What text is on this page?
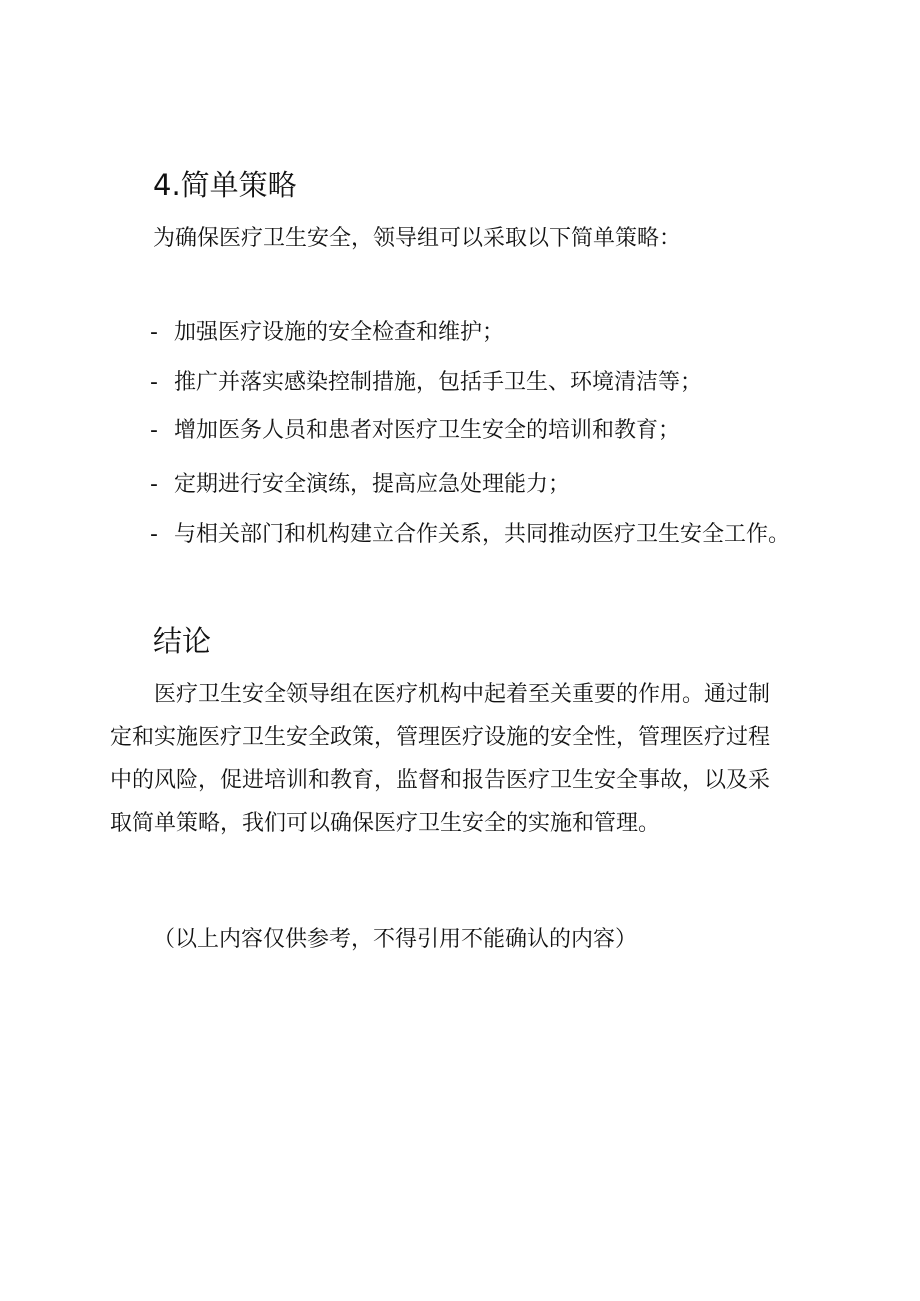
4.简单策略

为确保医疗卫生安全，领导组可以采取以下简单策略：

- 加强医疗设施的安全检查和维护；
- 推广并落实感染控制措施，包括手卫生、环境清洁等；
- 增加医务人员和患者对医疗卫生安全的培训和教育；
- 定期进行安全演练，提高应急处理能力；
- 与相关部门和机构建立合作关系，共同推动医疗卫生安全工作。
结论
医疗卫生安全领导组在医疗机构中起着至关重要的作用。通过制
定和实施医疗卫生安全政策，管理医疗设施的安全性，管理医疗过程
中的风险，促进培训和教育，监督和报告医疗卫生安全事故，以及采
取简单策略，我们可以确保医疗卫生安全的实施和管理。

（以上内容仅供参考，不得引用不能确认的内容）
